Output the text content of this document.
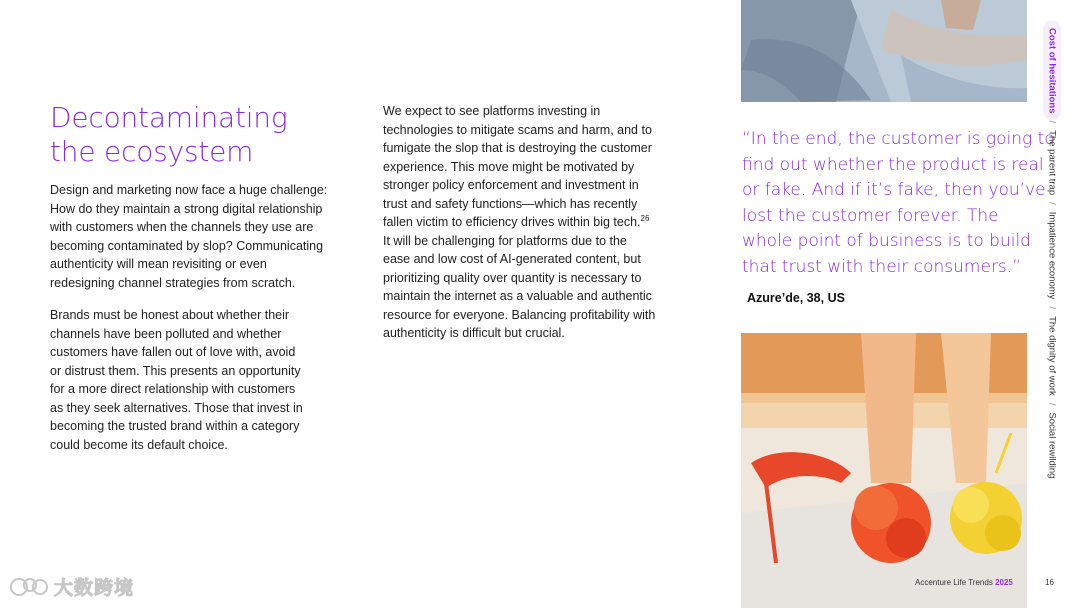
Decontaminating
the ecosystem
Design and marketing now face a huge challenge:
How do they maintain a strong digital relationship
with customers when the channels they use are
becoming contaminated by slop? Communicating
authenticity will mean revisiting or even
redesigning channel strategies from scratch.
Brands must be honest about whether their
channels have been polluted and whether
customers have fallen out of love with, avoid
or distrust them. This presents an opportunity
for a more direct relationship with customers
as they seek alternatives. Those that invest in
becoming the trusted brand within a category
could become its default choice.
We expect to see platforms investing in
technologies to mitigate scams and harm, and to
fumigate the slop that is destroying the customer
experience. This move might be motivated by
stronger policy enforcement and investment in
trust and safety functions—which has recently
fallen victim to efficiency drives within big tech.$^{26}$
It will be challenging for platforms due to the
ease and low cost of AI-generated content, but
prioritizing quality over quantity is necessary to
maintain the internet as a valuable and authentic
resource for everyone. Balancing profitability with
authenticity is difficult but crucial.
“In the end, the customer is going to
find out whether the product is real
or fake. And if it’s fake, then you’ve
lost the customer forever. The
whole point of business is to build
that trust with their consumers.”
Azure’de, 38, US
Cost of hesitations
/
The parent trap
/
Impatience economy
/
The dignity of work
/
Social rewilding
Accenture Life Trends 2025	16
大数跨境
